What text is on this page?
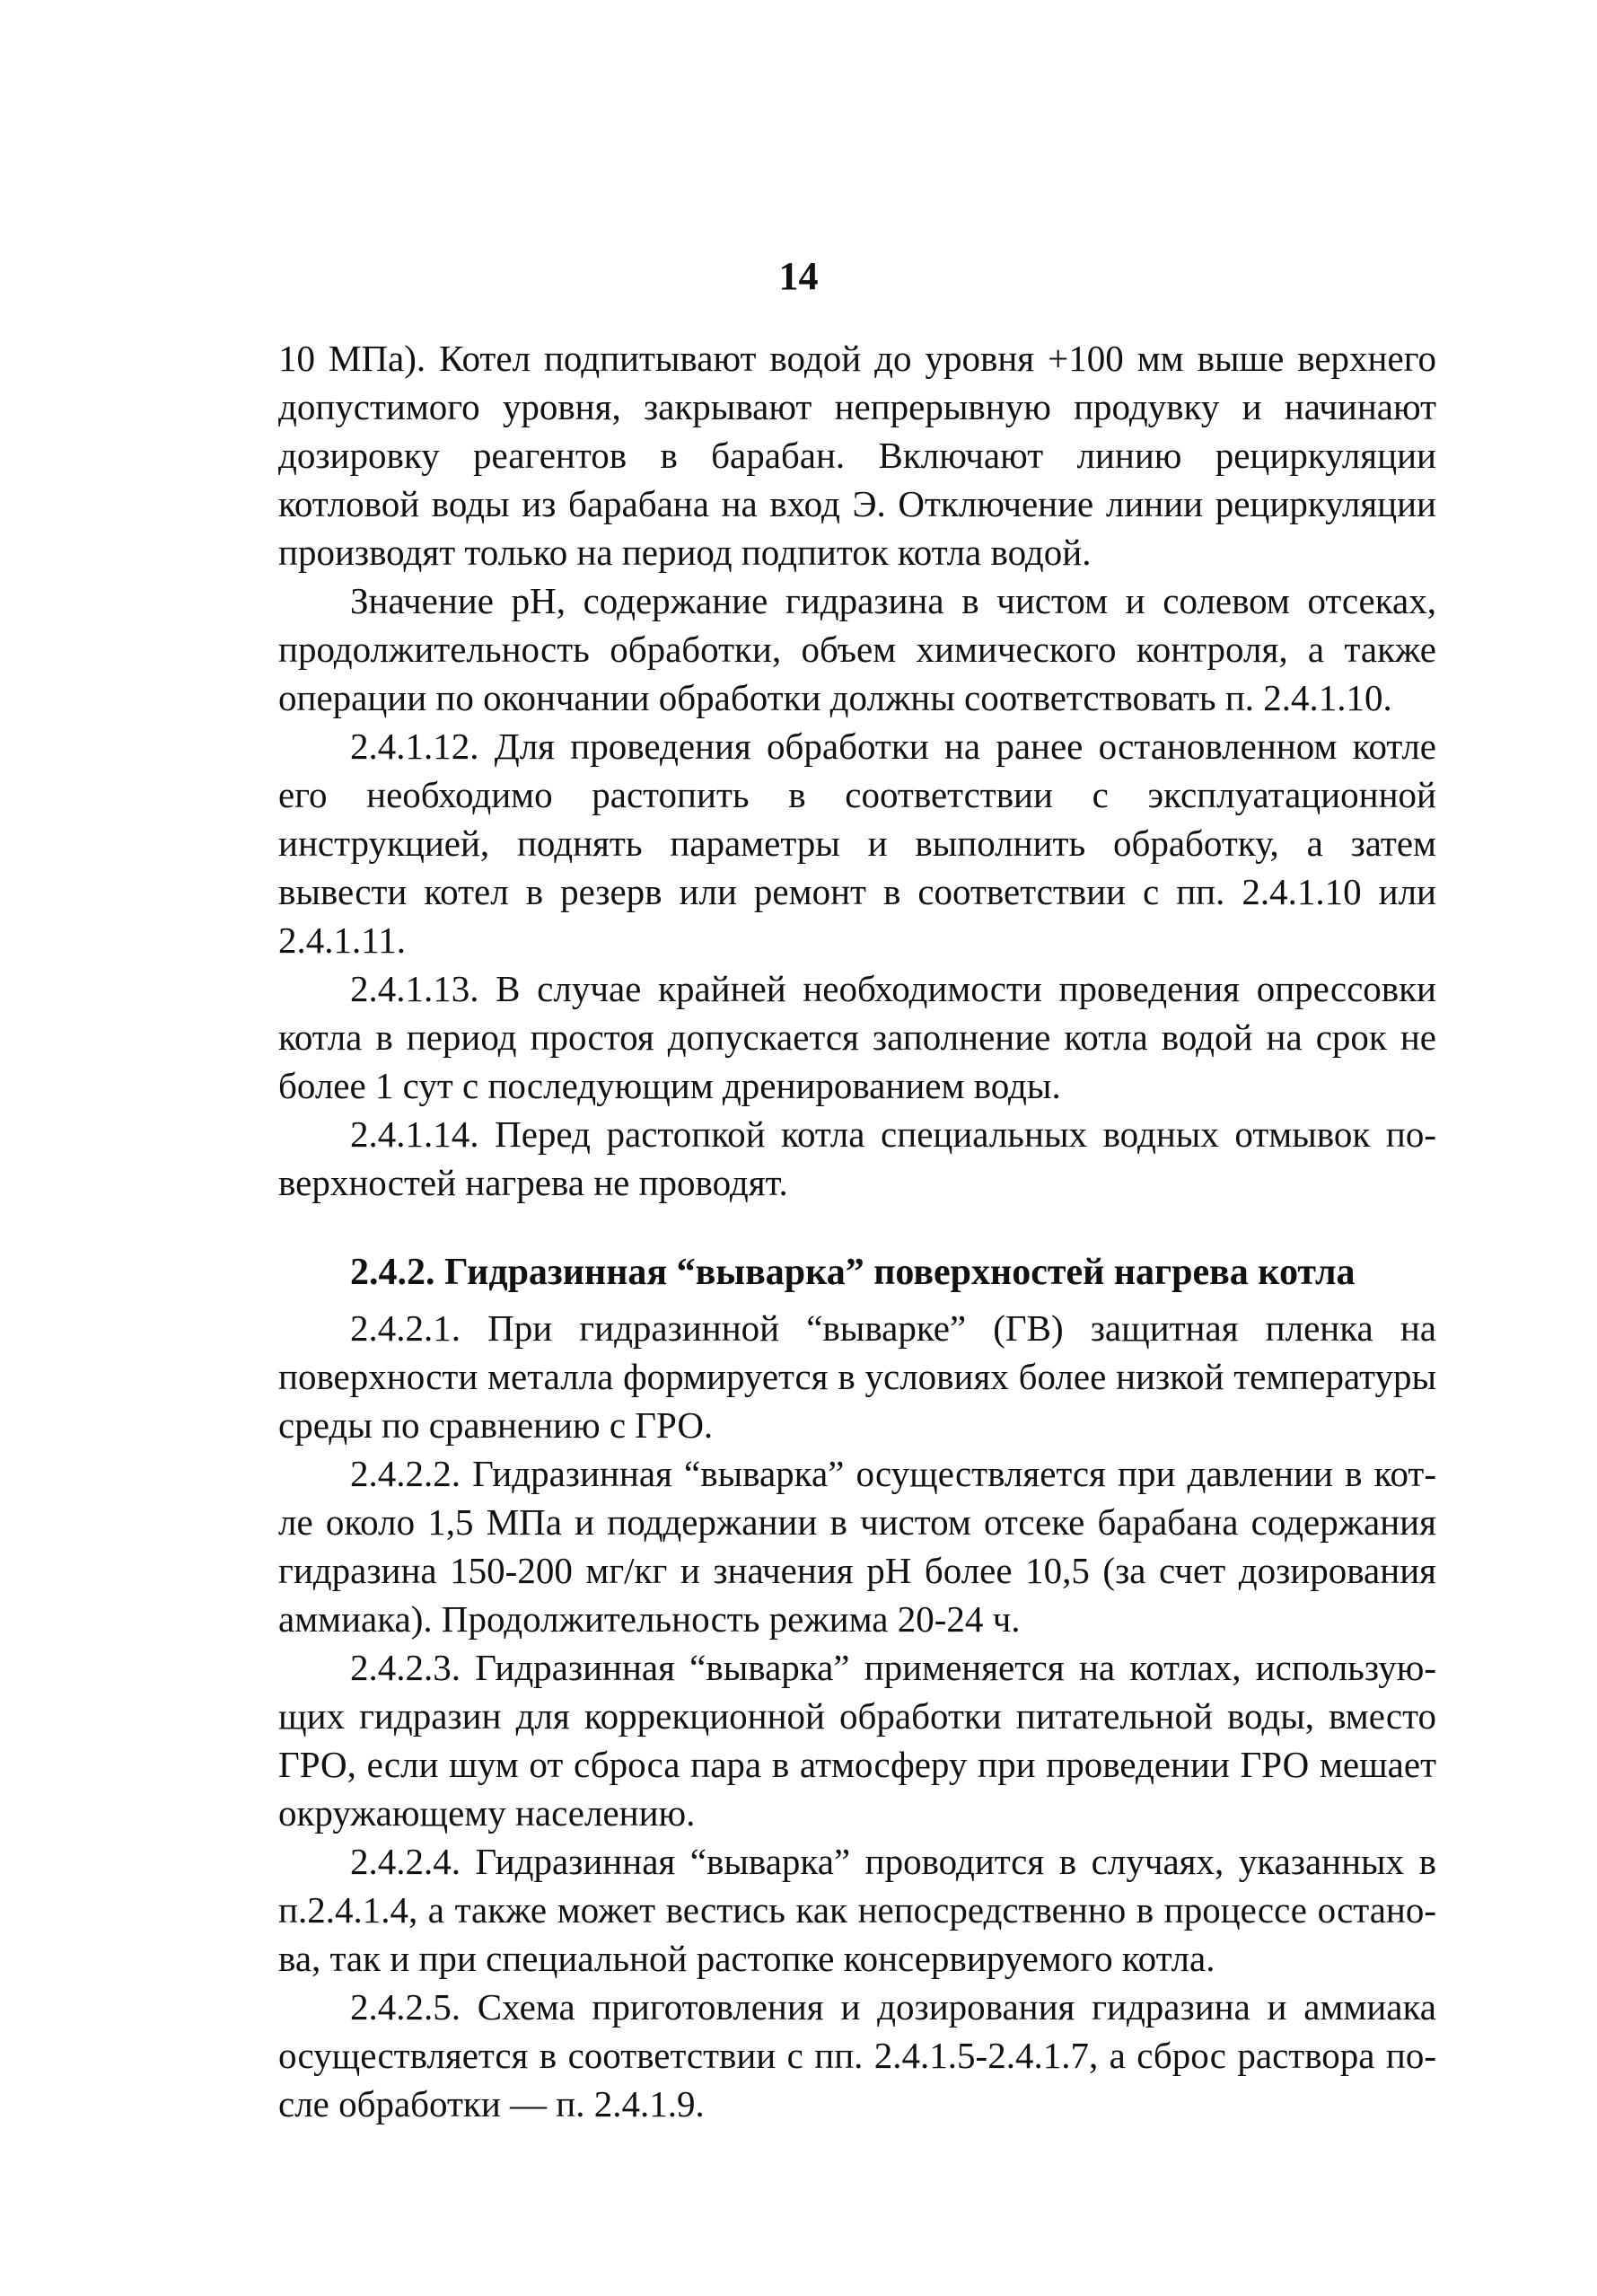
14

10 МПа). Котел подпитывают водой до уровня +100 мм выше верхнего допустимого уровня, закрывают непрерывную продувку и начинают дозировку реагентов в барабан. Включают линию рециркуляции котловой воды из барабана на вход Э. Отключение линии рециркуляции производят только на период подпиток котла водой.

Значение pH, содержание гидразина в чистом и солевом отсеках, продолжительность обработки, объем химического контроля, а также операции по окончании обработки должны соответствовать п. 2.4.1.10.

2.4.1.12. Для проведения обработки на ранее остановленном котле его необходимо растопить в соответствии с эксплуатационной инструкцией, поднять параметры и выполнить обработку, а затем вывести котел в резерв или ремонт в соответствии с пп. 2.4.1.10 или 2.4.1.11.

2.4.1.13. В случае крайней необходимости проведения опрессовки котла в период простоя допускается заполнение котла водой на срок не более 1 сут с последующим дренированием воды.

2.4.1.14. Перед растопкой котла специальных водных отмывок поверхностей нагрева не проводят.

2.4.2. Гидразинная “выварка” поверхностей нагрева котла

2.4.2.1. При гидразинной “выварке” (ГВ) защитная пленка на поверхности металла формируется в условиях более низкой температуры среды по сравнению с ГРО.

2.4.2.2. Гидразинная “выварка” осуществляется при давлении в котле около 1,5 МПа и поддержании в чистом отсеке барабана содержания гидразина 150-200 мг/кг и значения pH более 10,5 (за счет дозирования аммиака). Продолжительность режима 20-24 ч.

2.4.2.3. Гидразинная “выварка” применяется на котлах, использующих гидразин для коррекционной обработки питательной воды, вместо ГРО, если шум от сброса пара в атмосферу при проведении ГРО мешает окружающему населению.

2.4.2.4. Гидразинная “выварка” проводится в случаях, указанных в п.2.4.1.4, а также может вестись как непосредственно в процессе останова, так и при специальной растопке консервируемого котла.

2.4.2.5. Схема приготовления и дозирования гидразина и аммиака осуществляется в соответствии с пп. 2.4.1.5-2.4.1.7, а сброс раствора после обработки — п. 2.4.1.9.
